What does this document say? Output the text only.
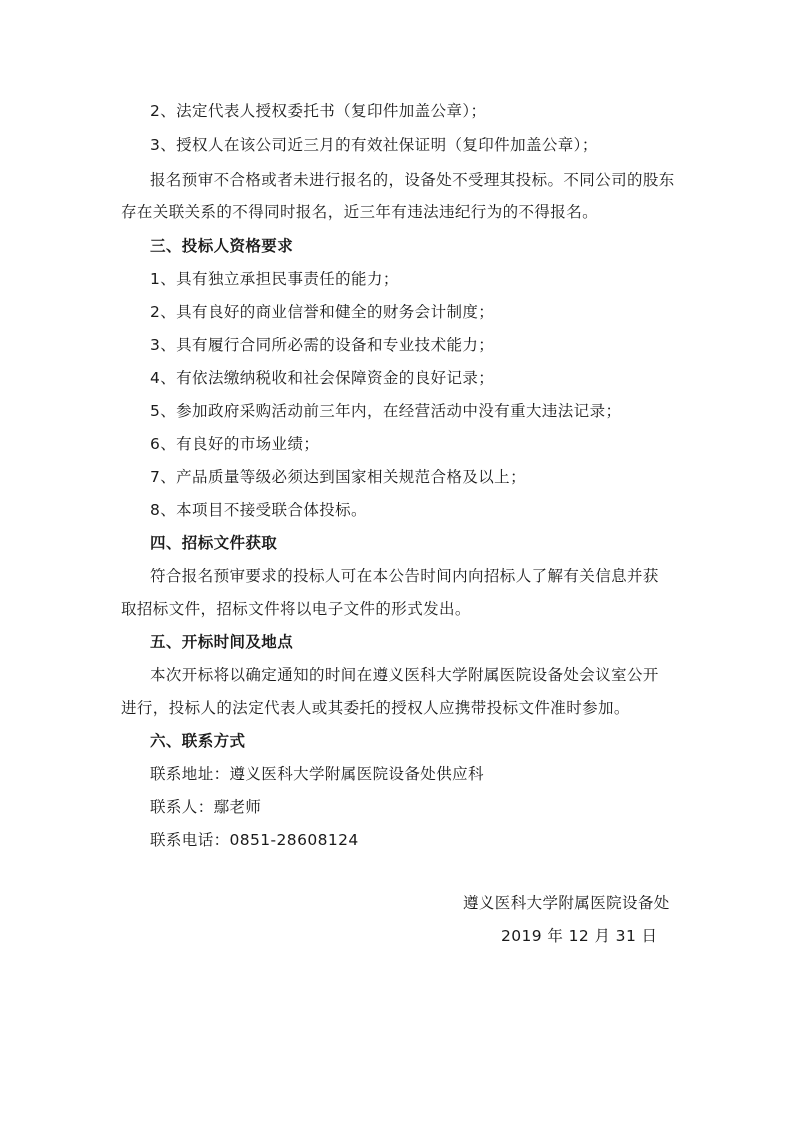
2、法定代表人授权委托书（复印件加盖公章）；
3、授权人在该公司近三月的有效社保证明（复印件加盖公章）；
报名预审不合格或者未进行报名的，设备处不受理其投标。不同公司的股东
存在关联关系的不得同时报名，近三年有违法违纪行为的不得报名。
三、投标人资格要求
1、具有独立承担民事责任的能力；
2、具有良好的商业信誉和健全的财务会计制度；
3、具有履行合同所必需的设备和专业技术能力；
4、有依法缴纳税收和社会保障资金的良好记录；
5、参加政府采购活动前三年内，在经营活动中没有重大违法记录；
6、有良好的市场业绩；
7、产品质量等级必须达到国家相关规范合格及以上；
8、本项目不接受联合体投标。
四、招标文件获取
符合报名预审要求的投标人可在本公告时间内向招标人了解有关信息并获
取招标文件，招标文件将以电子文件的形式发出。
五、开标时间及地点
本次开标将以确定通知的时间在遵义医科大学附属医院设备处会议室公开
进行，投标人的法定代表人或其委托的授权人应携带投标文件准时参加。
六、联系方式
联系地址：遵义医科大学附属医院设备处供应科
联系人：鄢老师
联系电话：0851-28608124
遵义医科大学附属医院设备处
2019 年 12 月 31 日
